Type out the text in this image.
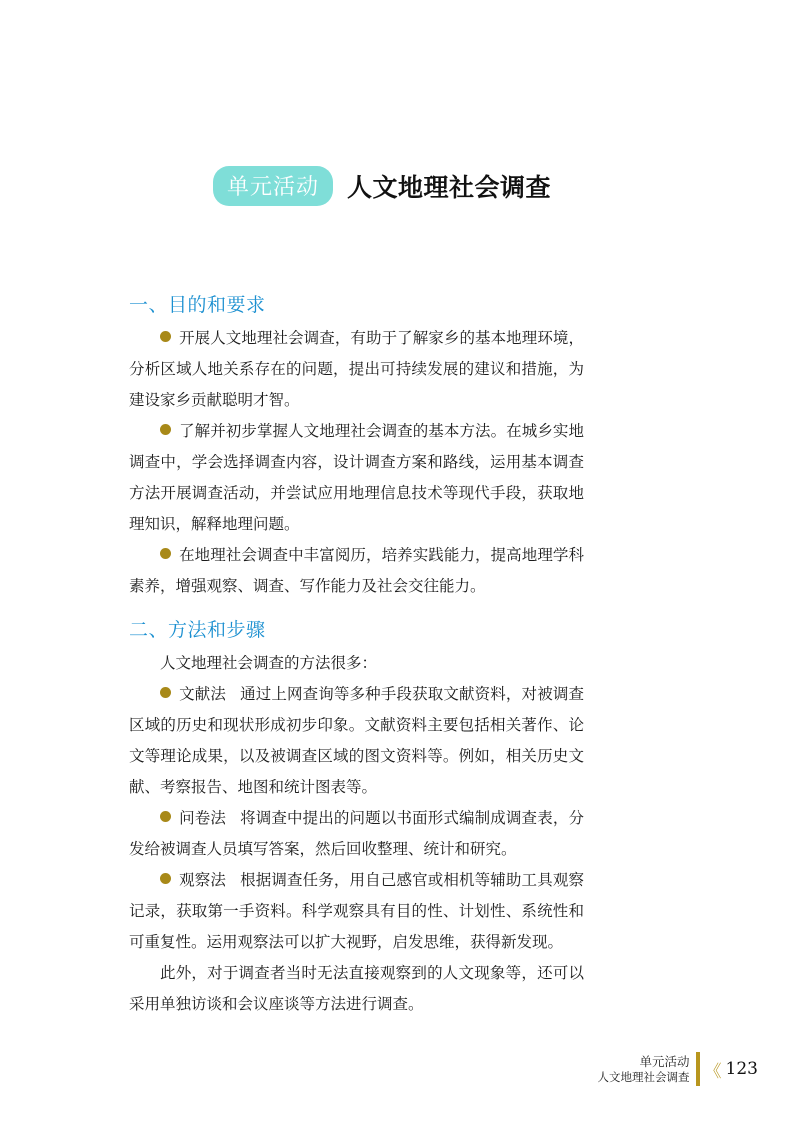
单元活动	人文地理社会调查
一、目的和要求

开展人文地理社会调查，有助于了解家乡的基本地理环境，分析区域人地关系存在的问题，提出可持续发展的建议和措施，为建设家乡贡献聪明才智。

了解并初步掌握人文地理社会调查的基本方法。在城乡实地调查中，学会选择调查内容，设计调查方案和路线，运用基本调查方法开展调查活动，并尝试应用地理信息技术等现代手段，获取地理知识，解释地理问题。

在地理社会调查中丰富阅历，培养实践能力，提高地理学科素养，增强观察、调查、写作能力及社会交往能力。

二、方法和步骤

人文地理社会调查的方法很多：

文献法 通过上网查询等多种手段获取文献资料，对被调查区域的历史和现状形成初步印象。文献资料主要包括相关著作、论文等理论成果，以及被调查区域的图文资料等。例如，相关历史文献、考察报告、地图和统计图表等。

问卷法 将调查中提出的问题以书面形式编制成调查表，分发给被调查人员填写答案，然后回收整理、统计和研究。

观察法 根据调查任务，用自己感官或相机等辅助工具观察记录，获取第一手资料。科学观察具有目的性、计划性、系统性和可重复性。运用观察法可以扩大视野，启发思维，获得新发现。

此外，对于调查者当时无法直接观察到的人文现象等，还可以采用单独访谈和会议座谈等方法进行调查。

单元活动
人文地理社会调查 《 123
